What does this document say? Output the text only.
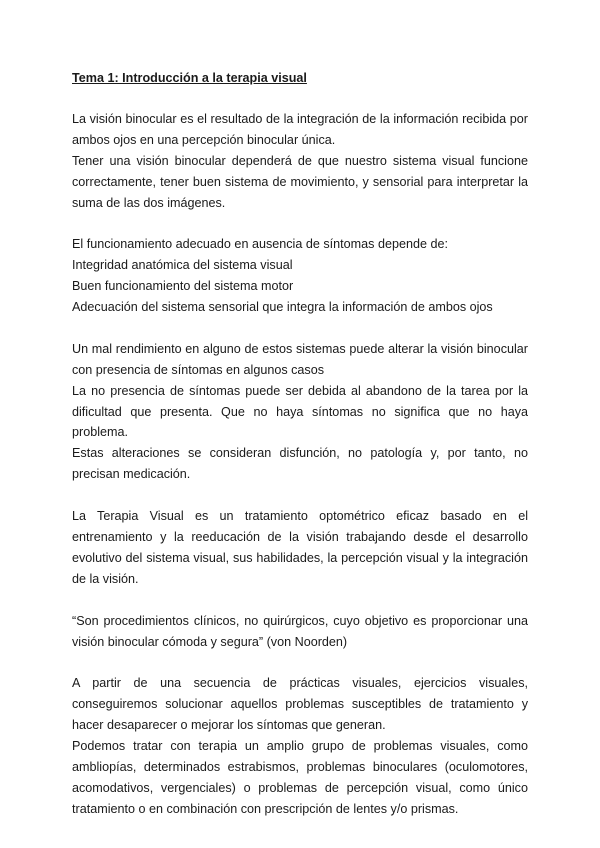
Tema 1: Introducción a la terapia visual

La visión binocular es el resultado de la integración de la información recibida por ambos ojos en una percepción binocular única.

Tener una visión binocular dependerá de que nuestro sistema visual funcione correctamente, tener buen sistema de movimiento, y sensorial para interpretar la suma de las dos imágenes.

El funcionamiento adecuado en ausencia de síntomas depende de:

Integridad anatómica del sistema visual

Buen funcionamiento del sistema motor

Adecuación del sistema sensorial que integra la información de ambos ojos

Un mal rendimiento en alguno de estos sistemas puede alterar la visión binocular con presencia de síntomas en algunos casos

La no presencia de síntomas puede ser debida al abandono de la tarea por la dificultad que presenta. Que no haya síntomas no significa que no haya problema.

Estas alteraciones se consideran disfunción, no patología y, por tanto, no precisan medicación.

La Terapia Visual es un tratamiento optométrico eficaz basado en el entrenamiento y la reeducación de la visión trabajando desde el desarrollo evolutivo del sistema visual, sus habilidades, la percepción visual y la integración de la visión.

“Son procedimientos clínicos, no quirúrgicos, cuyo objetivo es proporcionar una visión binocular cómoda y segura” (von Noorden)

A partir de una secuencia de prácticas visuales, ejercicios visuales, conseguiremos solucionar aquellos problemas susceptibles de tratamiento y hacer desaparecer o mejorar los síntomas que generan.

Podemos tratar con terapia un amplio grupo de problemas visuales, como ambliopías, determinados estrabismos, problemas binoculares (oculomotores, acomodativos, vergenciales) o problemas de percepción visual, como único tratamiento o en combinación con prescripción de lentes y/o prismas.
